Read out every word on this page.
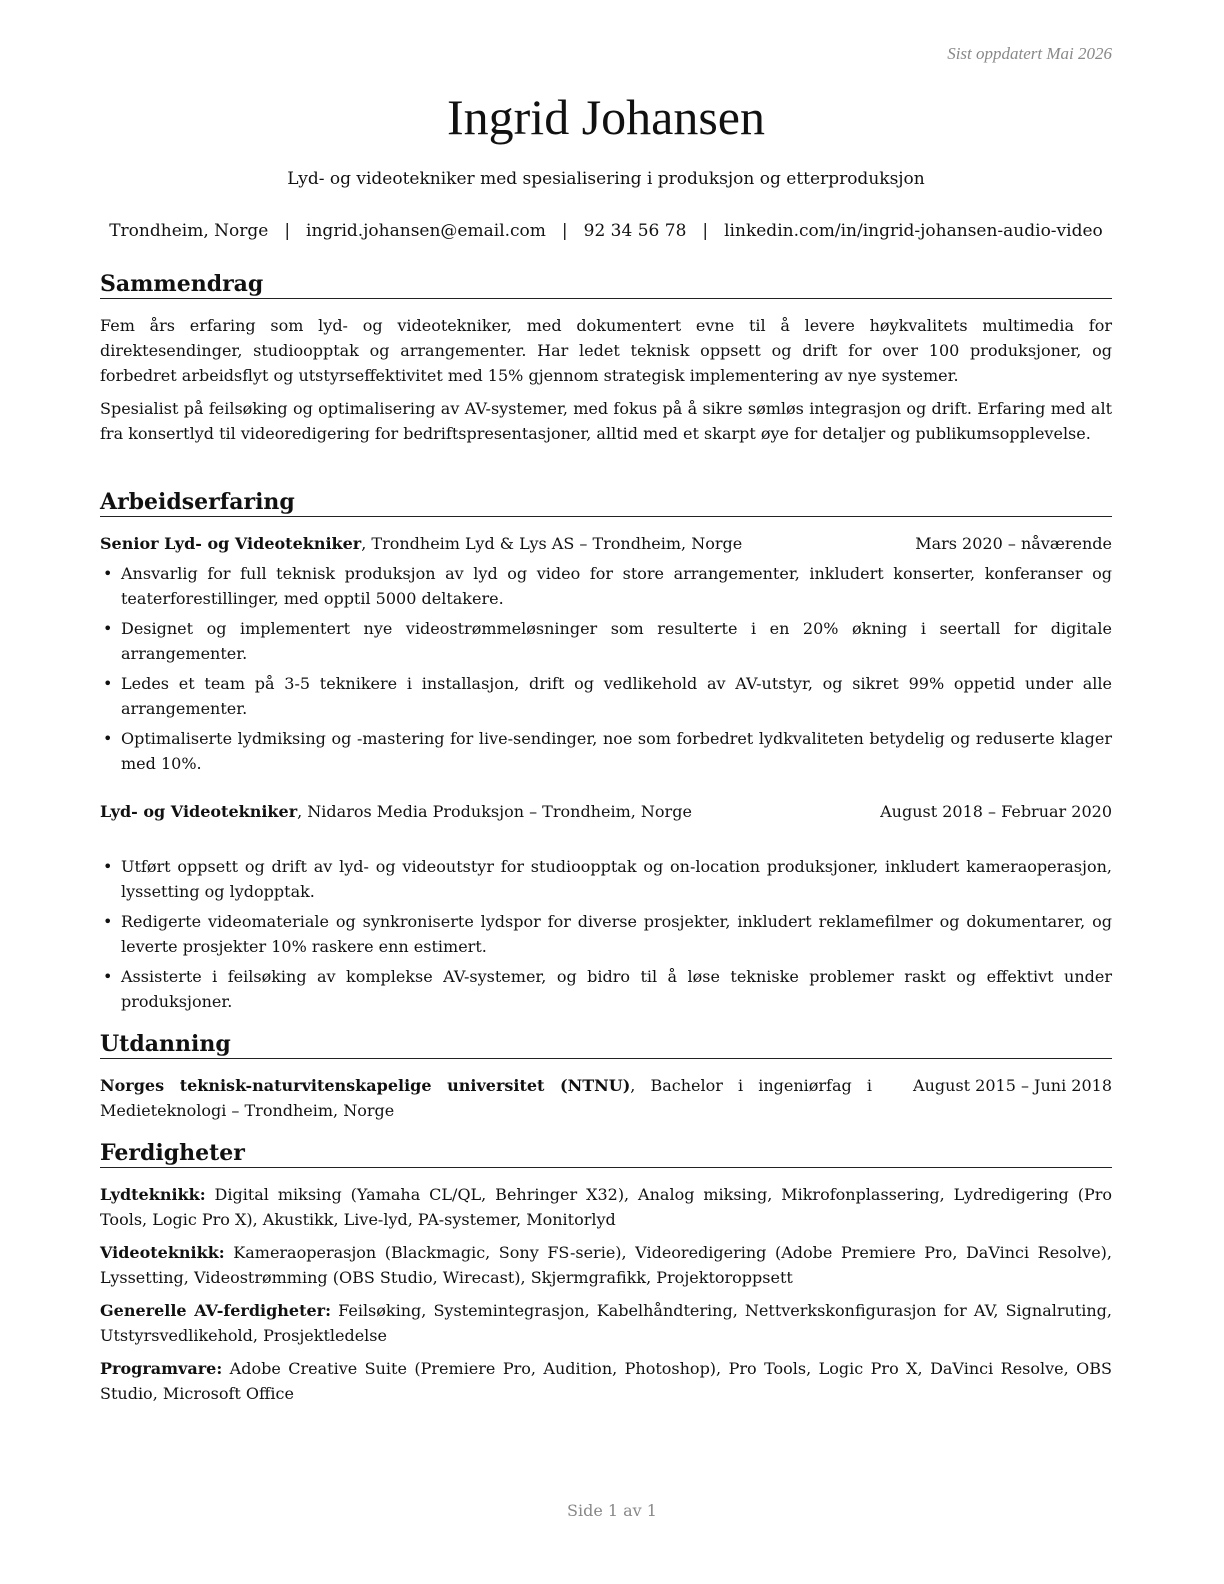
Sist oppdatert Mai 2026
Ingrid Johansen
Lyd- og videotekniker med spesialisering i produksjon og etterproduksjon
Trondheim, Norge | ingrid.johansen@email.com | 92 34 56 78 | linkedin.com/in/ingrid-johansen-audio-video
Sammendrag

Fem års erfaring som lyd- og videotekniker, med dokumentert evne til å levere høykvalitets multimedia for direktesendinger, studioopptak og arrangementer. Har ledet teknisk oppsett og drift for over 100 produksjoner, og forbedret arbeidsflyt og utstyrseffektivitet med 15% gjennom strategisk implementering av nye systemer.

Spesialist på feilsøking og optimalisering av AV-systemer, med fokus på å sikre sømløs integrasjon og drift. Erfaring med alt fra konsertlyd til videoredigering for bedriftspresentasjoner, alltid med et skarpt øye for detaljer og publikumsopplevelse.

Arbeidserfaring
Senior Lyd- og Videotekniker, Trondheim Lyd & Lys AS – Trondheim, Norge	Mars 2020 – nåværende
• Ansvarlig for full teknisk produksjon av lyd og video for store arrangementer, inkludert konserter, konferanser og teaterforestillinger, med opptil 5000 deltakere.
• Designet og implementert nye videostrømmeløsninger som resulterte i en 20% økning i seertall for digitale arrangementer.
• Ledes et team på 3-5 teknikere i installasjon, drift og vedlikehold av AV-utstyr, og sikret 99% oppetid under alle arrangementer.
• Optimaliserte lydmiksing og -mastering for live-sendinger, noe som forbedret lydkvaliteten betydelig og reduserte klager med 10%.
Lyd- og Videotekniker, Nidaros Media Produksjon – Trondheim, Norge	August 2018 – Februar 2020
• Utført oppsett og drift av lyd- og videoutstyr for studioopptak og on-location produksjoner, inkludert kameraoperasjon, lyssetting og lydopptak.
• Redigerte videomateriale og synkroniserte lydspor for diverse prosjekter, inkludert reklamefilmer og dokumentarer, og leverte prosjekter 10% raskere enn estimert.
• Assisterte i feilsøking av komplekse AV-systemer, og bidro til å løse tekniske problemer raskt og effektivt under produksjoner.
Utdanning
Norges teknisk-naturvitenskapelige universitet (NTNU), Bachelor i ingeniørfag i Medieteknologi – Trondheim, Norge
August 2015 – Juni 2018
Ferdigheter

Lydteknikk: Digital miksing (Yamaha CL/QL, Behringer X32), Analog miksing, Mikrofonplassering, Lydredigering (Pro Tools, Logic Pro X), Akustikk, Live-lyd, PA-systemer, Monitorlyd

Videoteknikk: Kameraoperasjon (Blackmagic, Sony FS-serie), Videoredigering (Adobe Premiere Pro, DaVinci Resolve), Lyssetting, Videostrømming (OBS Studio, Wirecast), Skjermgrafikk, Projektoroppsett

Generelle AV-ferdigheter: Feilsøking, Systemintegrasjon, Kabelhåndtering, Nettverkskonfigurasjon for AV, Signalruting, Utstyrsvedlikehold, Prosjektledelse

Programvare: Adobe Creative Suite (Premiere Pro, Audition, Photoshop), Pro Tools, Logic Pro X, DaVinci Resolve, OBS Studio, Microsoft Office

Side 1 av 1
